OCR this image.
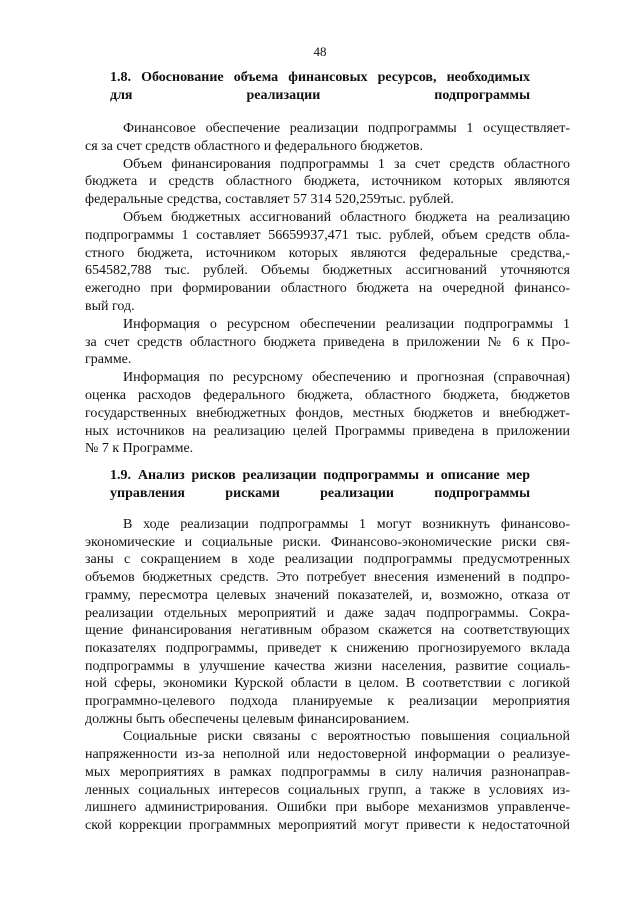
48
1.8. Обоснование объема финансовых ресурсов, необходимых
для реализации подпрограммы
Финансовое обеспечение реализации подпрограммы 1 осуществляет-
ся за счет средств областного и федерального бюджетов.
Объем финансирования подпрограммы 1 за счет средств областного
бюджета и средств областного бюджета, источником которых являются
федеральные средства, составляет 57 314 520,259тыс. рублей.
Объем бюджетных ассигнований областного бюджета на реализацию
подпрограммы 1 составляет 56659937,471 тыс. рублей, объем средств обла-
стного бюджета, источником которых являются федеральные средства,-
654582,788 тыс. рублей. Объемы бюджетных ассигнований уточняются
ежегодно при формировании областного бюджета на очередной финансо-
вый год.
Информация о ресурсном обеспечении реализации подпрограммы 1
за счет средств областного бюджета приведена в приложении № 6 к Про-
грамме.
Информация по ресурсному обеспечению и прогнозная (справочная)
оценка расходов федерального бюджета, областного бюджета, бюджетов
государственных внебюджетных фондов, местных бюджетов и внебюджет-
ных источников на реализацию целей Программы приведена в приложении
№ 7 к Программе.
1.9. Анализ рисков реализации подпрограммы и описание мер
управления рисками реализации подпрограммы
В ходе реализации подпрограммы 1 могут возникнуть финансово-
экономические и социальные риски. Финансово-экономические риски свя-
заны с сокращением в ходе реализации подпрограммы предусмотренных
объемов бюджетных средств. Это потребует внесения изменений в подпро-
грамму, пересмотра целевых значений показателей, и, возможно, отказа от
реализации отдельных мероприятий и даже задач подпрограммы. Сокра-
щение финансирования негативным образом скажется на соответствующих
показателях подпрограммы, приведет к снижению прогнозируемого вклада
подпрограммы в улучшение качества жизни населения, развитие социаль-
ной сферы, экономики Курской области в целом. В соответствии с логикой
программно-целевого подхода планируемые к реализации мероприятия
должны быть обеспечены целевым финансированием.
Социальные риски связаны с вероятностью повышения социальной
напряженности из-за неполной или недостоверной информации о реализуе-
мых мероприятиях в рамках подпрограммы в силу наличия разнонаправ-
ленных социальных интересов социальных групп, а также в условиях из-
лишнего администрирования. Ошибки при выборе механизмов управленче-
ской коррекции программных мероприятий могут привести к недостаточной
